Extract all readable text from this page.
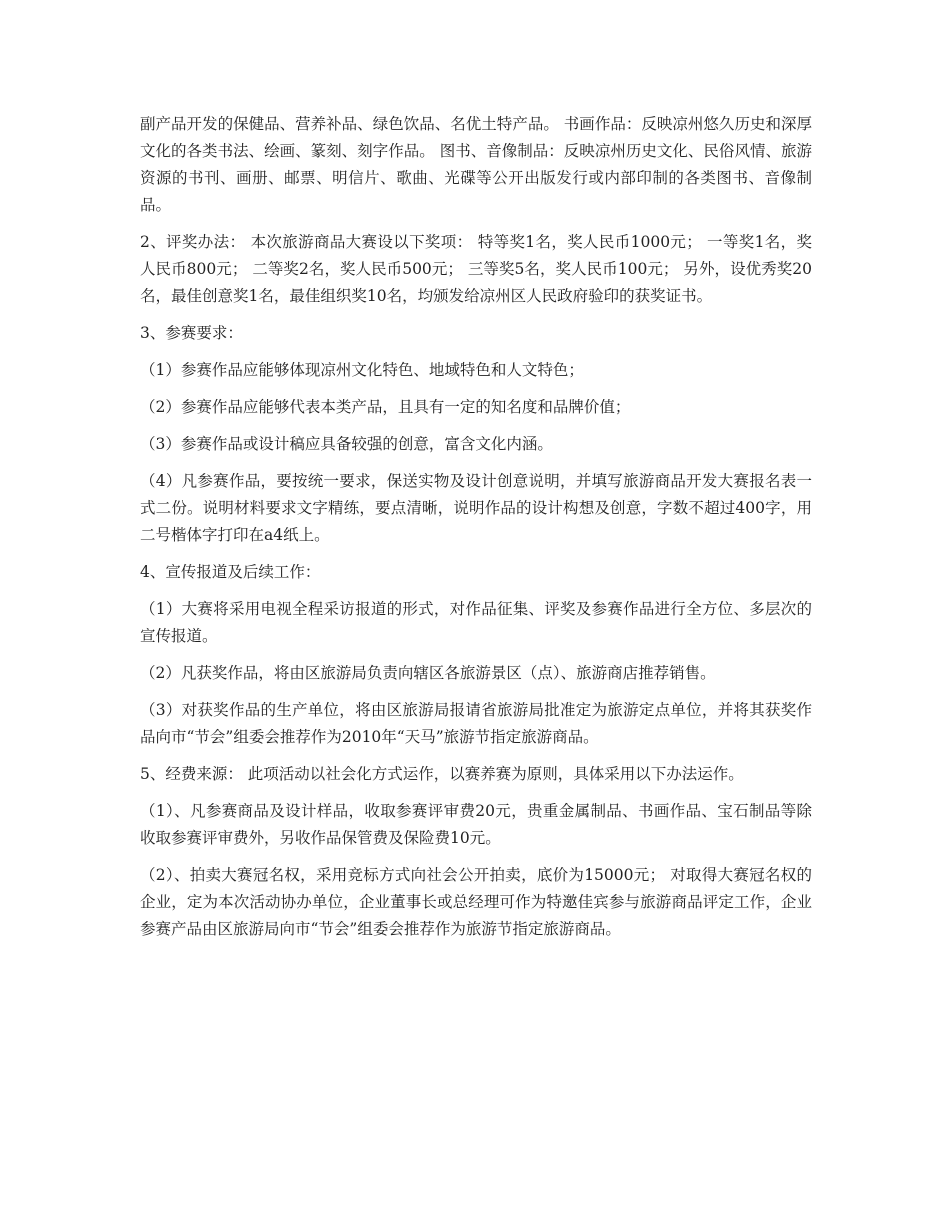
副产品开发的保健品、营养补品、绿色饮品、名优土特产品。 书画作品：反映凉州悠久历史和深厚文化的各类书法、绘画、篆刻、刻字作品。 图书、音像制品：反映凉州历史文化、民俗风情、旅游资源的书刊、画册、邮票、明信片、歌曲、光碟等公开出版发行或内部印制的各类图书、音像制品。

2、评奖办法： 本次旅游商品大赛设以下奖项： 特等奖1名，奖人民币1000元； 一等奖1名，奖人民币800元； 二等奖2名，奖人民币500元； 三等奖5名，奖人民币100元； 另外，设优秀奖20名，最佳创意奖1名，最佳组织奖10名，均颁发给凉州区人民政府验印的获奖证书。

3、参赛要求：

（1）参赛作品应能够体现凉州文化特色、地域特色和人文特色；

（2）参赛作品应能够代表本类产品，且具有一定的知名度和品牌价值；

（3）参赛作品或设计稿应具备较强的创意，富含文化内涵。

（4）凡参赛作品，要按统一要求，保送实物及设计创意说明，并填写旅游商品开发大赛报名表一式二份。说明材料要求文字精练，要点清晰，说明作品的设计构想及创意，字数不超过400字，用二号楷体字打印在a4纸上。

4、宣传报道及后续工作：

（1）大赛将采用电视全程采访报道的形式，对作品征集、评奖及参赛作品进行全方位、多层次的宣传报道。

（2）凡获奖作品，将由区旅游局负责向辖区各旅游景区（点）、旅游商店推荐销售。

（3）对获奖作品的生产单位，将由区旅游局报请省旅游局批准定为旅游定点单位，并将其获奖作品向市“节会”组委会推荐作为2010年“天马”旅游节指定旅游商品。

5、经费来源： 此项活动以社会化方式运作，以赛养赛为原则，具体采用以下办法运作。

（1）、凡参赛商品及设计样品，收取参赛评审费20元，贵重金属制品、书画作品、宝石制品等除收取参赛评审费外，另收作品保管费及保险费10元。

（2）、拍卖大赛冠名权，采用竞标方式向社会公开拍卖，底价为15000元； 对取得大赛冠名权的企业，定为本次活动协办单位，企业董事长或总经理可作为特邀佳宾参与旅游商品评定工作，企业参赛产品由区旅游局向市“节会”组委会推荐作为旅游节指定旅游商品。
